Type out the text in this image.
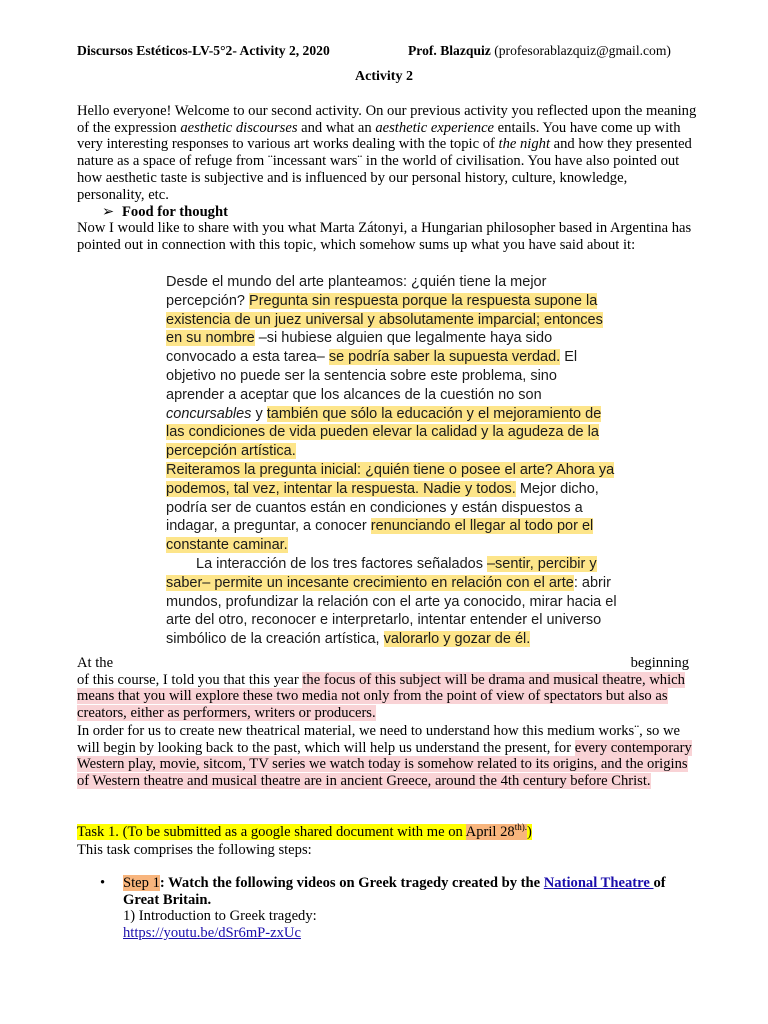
Discursos Estéticos-LV-5°2- Activity 2, 2020	Prof. Blazquiz (profesorablazquiz@gmail.com)
Activity 2
Hello everyone! Welcome to our second activity. On our previous activity you reflected upon the meaning of the expression aesthetic discourses and what an aesthetic experience entails. You have come up with very interesting responses to various art works dealing with the topic of the night and how they presented nature as a space of refuge from ¨incessant wars¨ in the world of civilisation. You have also pointed out how aesthetic taste is subjective and is influenced by our personal history, culture, knowledge, personality, etc.
➢ Food for thought
Now I would like to share with you what Marta Zátonyi, a Hungarian philosopher based in Argentina has pointed out in connection with this topic, which somehow sums up what you have said about it:

Desde el mundo del arte planteamos: ¿quién tiene la mejor percepción? Pregunta sin respuesta porque la respuesta supone la existencia de un juez universal y absolutamente imparcial; entonces en su nombre –si hubiese alguien que legalmente haya sido convocado a esta tarea– se podría saber la supuesta verdad. El objetivo no puede ser la sentencia sobre este problema, sino aprender a aceptar que los alcances de la cuestión no son concursables y también que sólo la educación y el mejoramiento de las condiciones de vida pueden elevar la calidad y la agudeza de la percepción artística.

Reiteramos la pregunta inicial: ¿quién tiene o posee el arte? Ahora ya podemos, tal vez, intentar la respuesta. Nadie y todos. Mejor dicho, podría ser de cuantos están en condiciones y están dispuestos a indagar, a preguntar, a conocer renunciando el llegar al todo por el constante caminar.

La interacción de los tres factores señalados –sentir, percibir y saber– permite un incesante crecimiento en relación con el arte: abrir mundos, profundizar la relación con el arte ya conocido, mirar hacia el arte del otro, reconocer e interpretarlo, intentar entender el universo simbólico de la creación artística, valorarlo y gozar de él.

At the	beginning
of this course, I told you that this year the focus of this subject will be drama and musical theatre, which means that you will explore these two media not only from the point of view of spectators but also as creators, either as performers, writers or producers.
In order for us to create new theatrical material, we need to understand how this medium works¨, so we will begin by looking back to the past, which will help us understand the present, for every contemporary Western play, movie, sitcom, TV series we watch today is somehow related to its origins, and the origins of Western theatre and musical theatre are in ancient Greece, around the 4th century before Christ.
Task 1. (To be submitted as a google shared document with me on April $28^{th).}$)
This task comprises the following steps:
• Step 1: Watch the following videos on Greek tragedy created by the National Theatre of Great Britain.
1) Introduction to Greek tragedy:
https://youtu.be/dSr6mP-zxUc
